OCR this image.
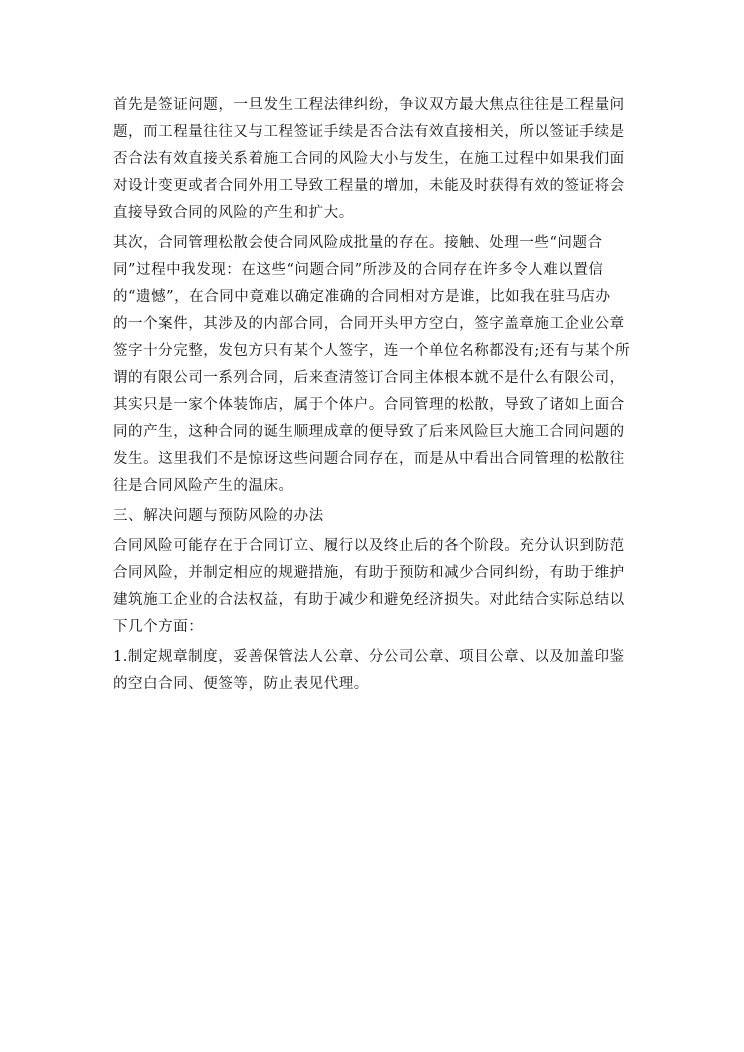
首先是签证问题，一旦发生工程法律纠纷，争议双方最大焦点往往是工程量问
题，而工程量往往又与工程签证手续是否合法有效直接相关，所以签证手续是
否合法有效直接关系着施工合同的风险大小与发生，在施工过程中如果我们面
对设计变更或者合同外用工导致工程量的增加，未能及时获得有效的签证将会
直接导致合同的风险的产生和扩大。
其次，合同管理松散会使合同风险成批量的存在。接触、处理一些“问题合
同”过程中我发现：在这些“问题合同”所涉及的合同存在许多令人难以置信
的“遗憾”，在合同中竟难以确定准确的合同相对方是谁，比如我在驻马店办
的一个案件，其涉及的内部合同，合同开头甲方空白，签字盖章施工企业公章
签字十分完整，发包方只有某个人签字，连一个单位名称都没有;还有与某个所
谓的有限公司一系列合同，后来查清签订合同主体根本就不是什么有限公司，
其实只是一家个体装饰店，属于个体户。合同管理的松散，导致了诸如上面合
同的产生，这种合同的诞生顺理成章的便导致了后来风险巨大施工合同问题的
发生。这里我们不是惊讶这些问题合同存在，而是从中看出合同管理的松散往
往是合同风险产生的温床。
三、解决问题与预防风险的办法
合同风险可能存在于合同订立、履行以及终止后的各个阶段。充分认识到防范
合同风险，并制定相应的规避措施，有助于预防和减少合同纠纷，有助于维护
建筑施工企业的合法权益，有助于减少和避免经济损失。对此结合实际总结以
下几个方面：
1.制定规章制度，妥善保管法人公章、分公司公章、项目公章、以及加盖印鉴
的空白合同、便签等，防止表见代理。
